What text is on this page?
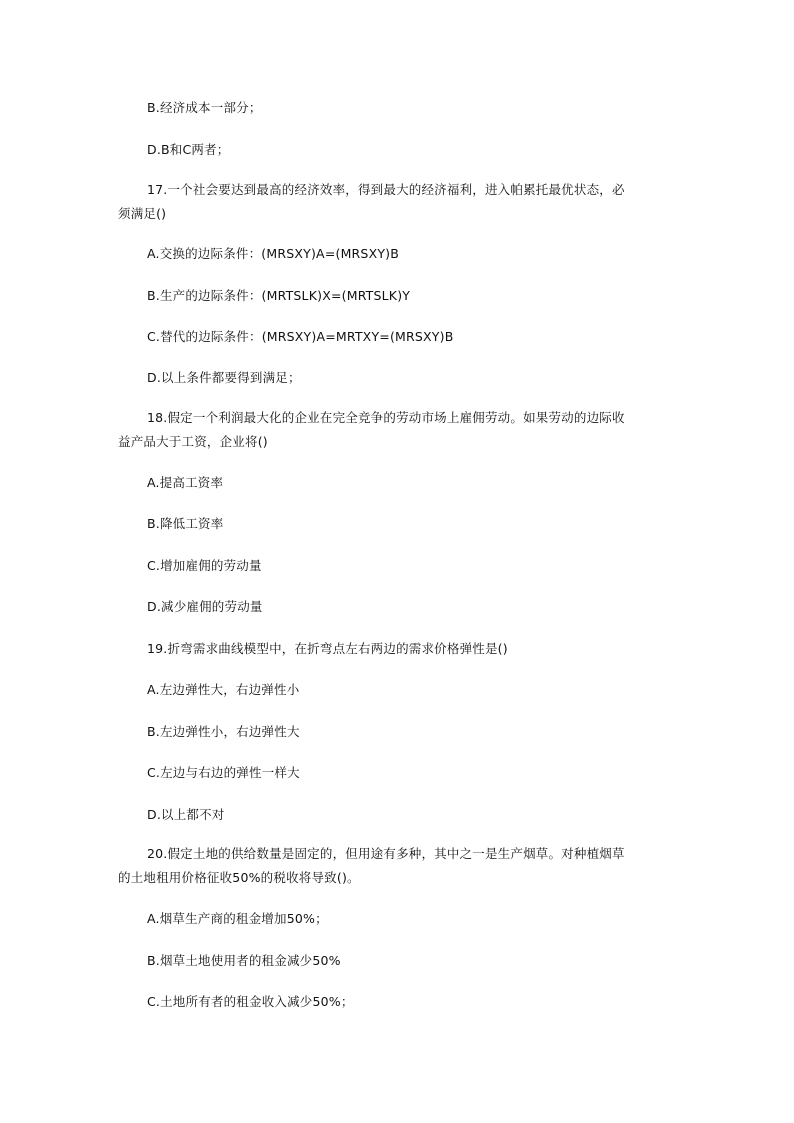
B.经济成本一部分；
D.B和C两者；
17.一个社会要达到最高的经济效率，得到最大的经济福利，进入帕累托最优状态，必
须满足()
A.交换的边际条件：(MRSXY)A=(MRSXY)B
B.生产的边际条件：(MRTSLK)X=(MRTSLK)Y
C.替代的边际条件：(MRSXY)A=MRTXY=(MRSXY)B
D.以上条件都要得到满足；
18.假定一个利润最大化的企业在完全竞争的劳动市场上雇佣劳动。如果劳动的边际收
益产品大于工资，企业将()
A.提高工资率
B.降低工资率
C.增加雇佣的劳动量
D.减少雇佣的劳动量
19.折弯需求曲线模型中，在折弯点左右两边的需求价格弹性是()
A.左边弹性大，右边弹性小
B.左边弹性小，右边弹性大
C.左边与右边的弹性一样大
D.以上都不对
20.假定土地的供给数量是固定的，但用途有多种，其中之一是生产烟草。对种植烟草
的土地租用价格征收50%的税收将导致()。
A.烟草生产商的租金增加50%；
B.烟草土地使用者的租金减少50%
C.土地所有者的租金收入减少50%；
